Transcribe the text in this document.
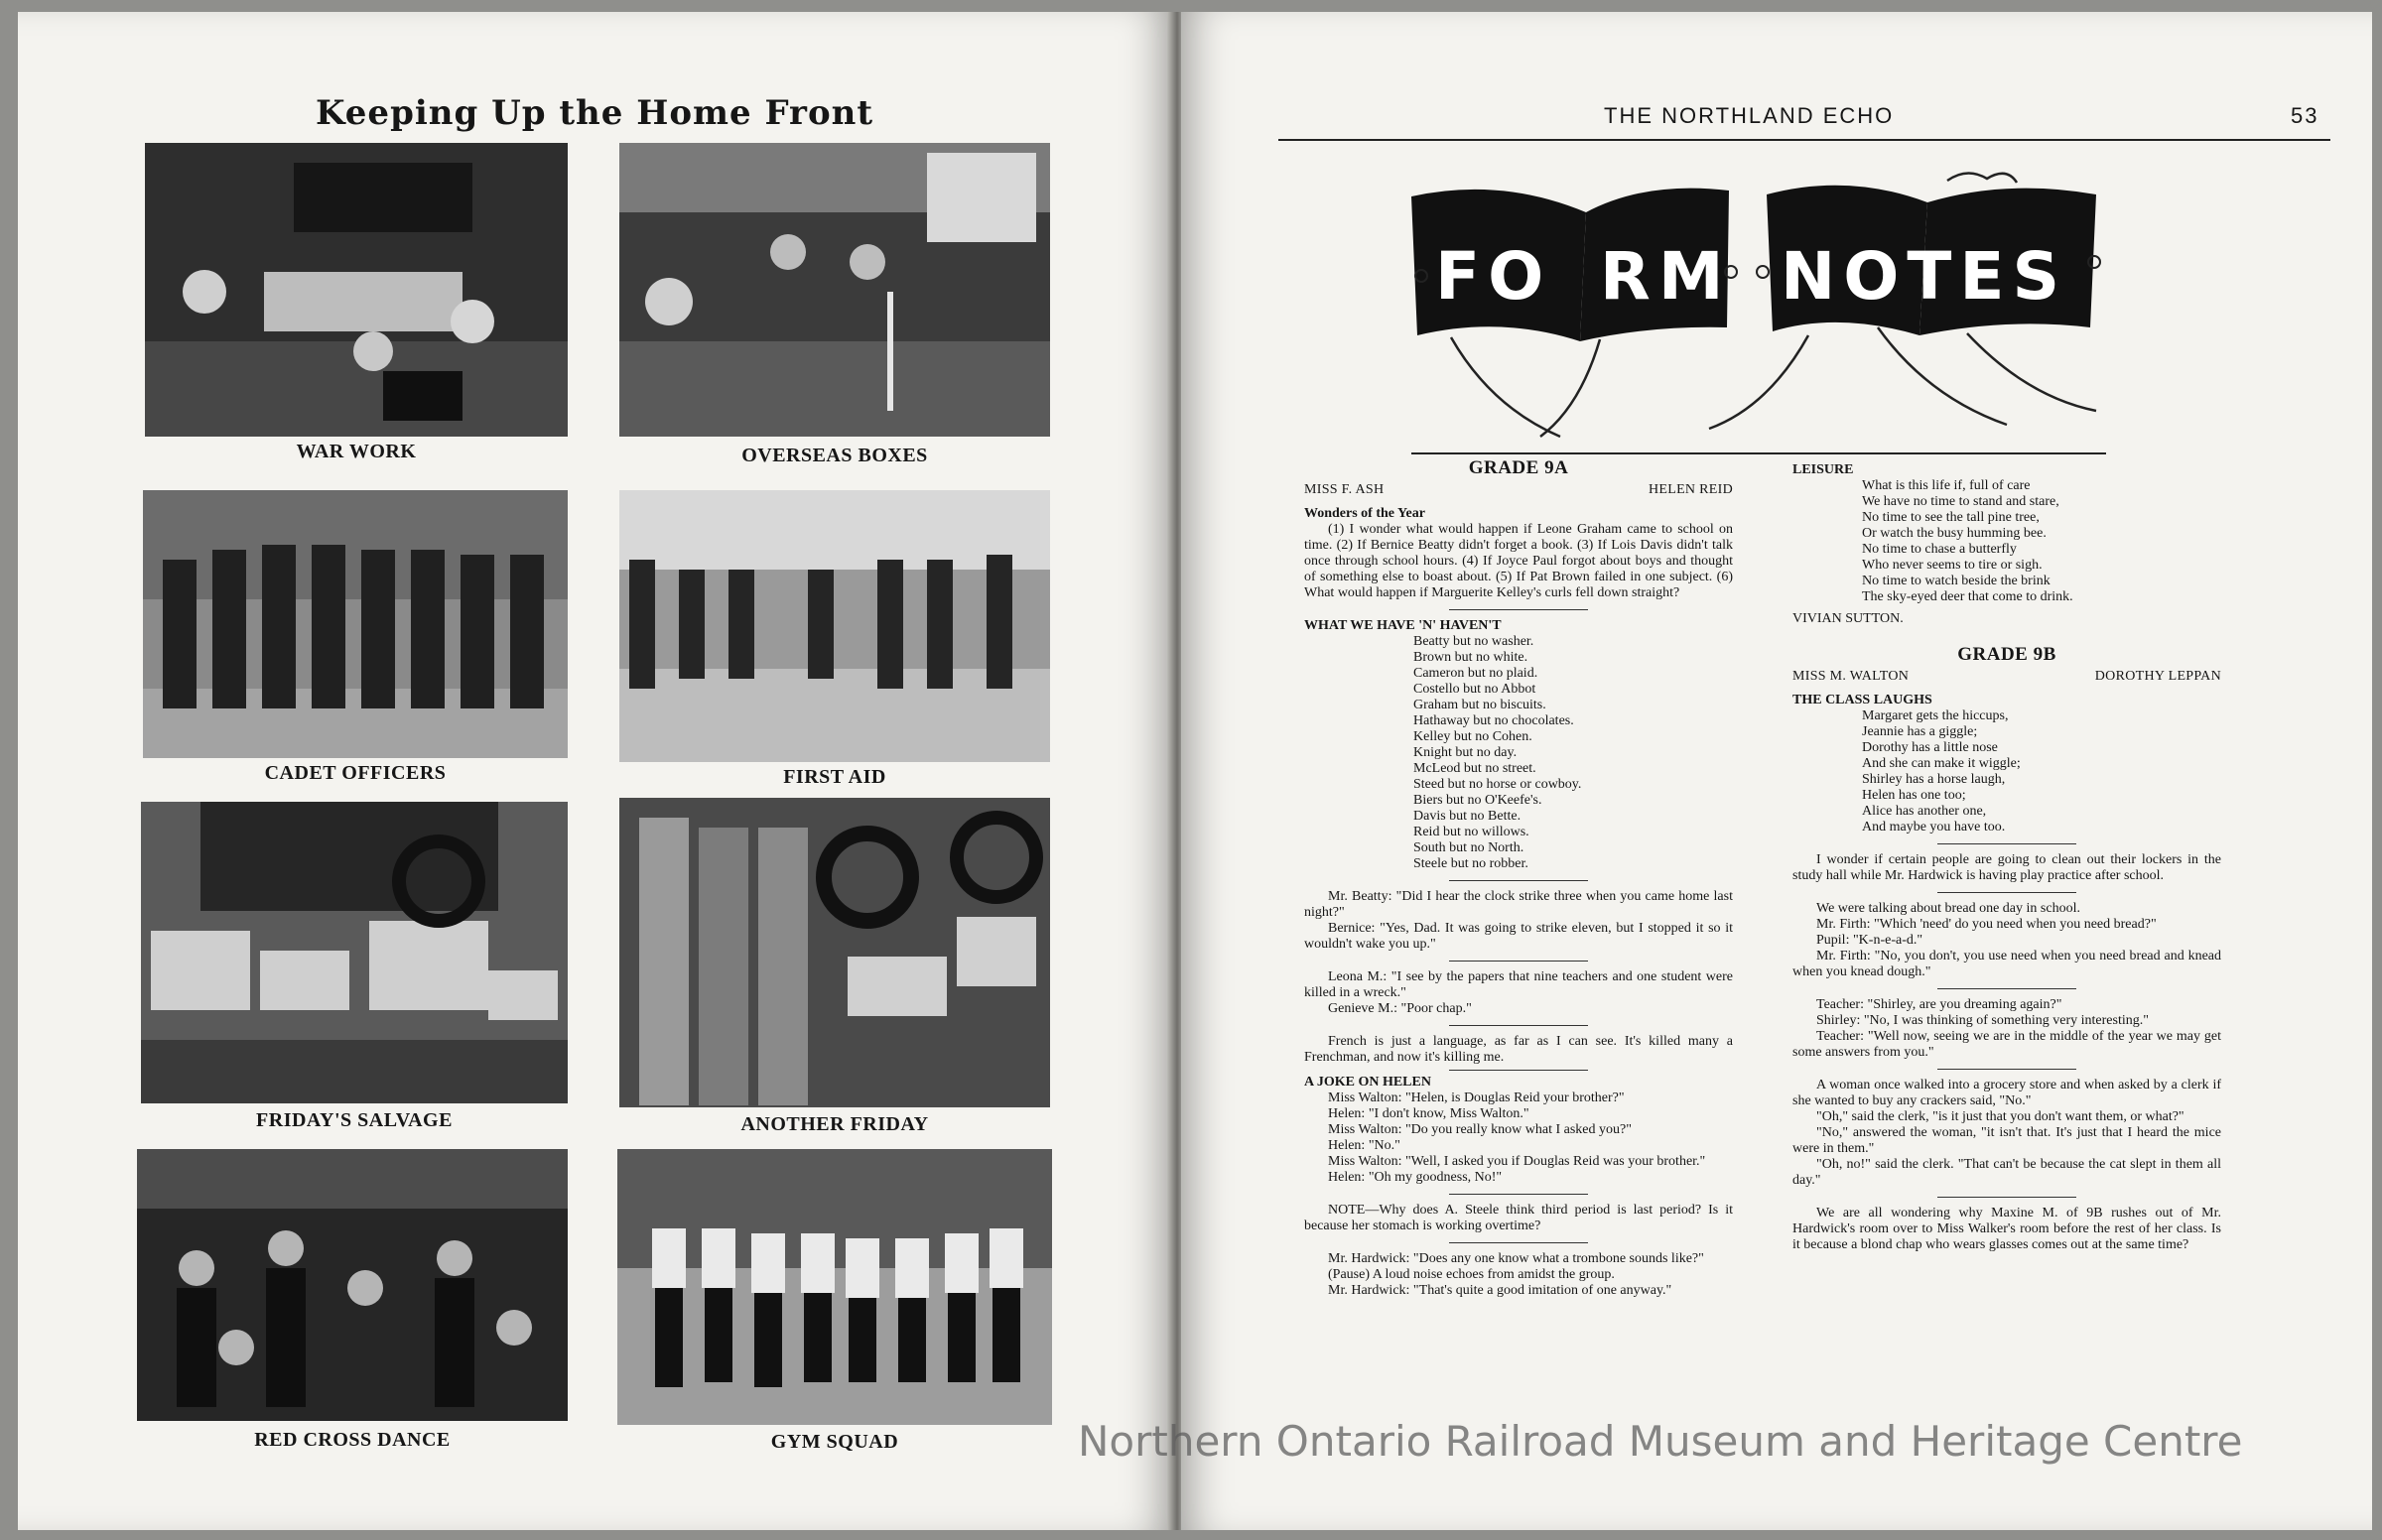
Keeping Up the Home Front
WAR WORK	OVERSEAS BOXES
CADET OFFICERS	FIRST AID
FRIDAY'S SALVAGE	ANOTHER FRIDAY
RED CROSS DANCE	GYM SQUAD
THE NORTHLAND ECHO	53
FO RM NOTES
GRADE 9A
MISS F. ASH	HELEN REID

Wonders of the Year

(1) I wonder what would happen if Leone Graham came to school on time. (2) If Bernice Beatty didn't forget a book. (3) If Lois Davis didn't talk once through school hours. (4) If Joyce Paul forgot about boys and thought of something else to boast about. (5) If Pat Brown failed in one subject. (6) What would happen if Marguerite Kelley's curls fell down straight?

WHAT WE HAVE 'N' HAVEN'T

Beatty but no washer.

Brown but no white.

Cameron but no plaid.

Costello but no Abbot

Graham but no biscuits.

Hathaway but no chocolates.

Kelley but no Cohen.

Knight but no day.

McLeod but no street.

Steed but no horse or cowboy.

Biers but no O'Keefe's.

Davis but no Bette.

Reid but no willows.

South but no North.

Steele but no robber.

Mr. Beatty: "Did I hear the clock strike three when you came home last night?"

Bernice: "Yes, Dad. It was going to strike eleven, but I stopped it so it wouldn't wake you up."

Leona M.: "I see by the papers that nine teachers and one student were killed in a wreck."

Genieve M.: "Poor chap."

French is just a language, as far as I can see. It's killed many a Frenchman, and now it's killing me.

A JOKE ON HELEN

Miss Walton: "Helen, is Douglas Reid your brother?"

Helen: "I don't know, Miss Walton."

Miss Walton: "Do you really know what I asked you?"

Helen: "No."

Miss Walton: "Well, I asked you if Douglas Reid was your brother."

Helen: "Oh my goodness, No!"

NOTE—Why does A. Steele think third period is last period? Is it because her stomach is working overtime?

Mr. Hardwick: "Does any one know what a trombone sounds like?"

(Pause) A loud noise echoes from amidst the group.

Mr. Hardwick: "That's quite a good imitation of one anyway."

LEISURE

What is this life if, full of care

We have no time to stand and stare,

No time to see the tall pine tree,

Or watch the busy humming bee.

No time to chase a butterfly

Who never seems to tire or sigh.

No time to watch beside the brink

The sky-eyed deer that come to drink.

VIVIAN SUTTON.

GRADE 9B
MISS M. WALTON	DOROTHY LEPPAN

THE CLASS LAUGHS

Margaret gets the hiccups,

Jeannie has a giggle;

Dorothy has a little nose

And she can make it wiggle;

Shirley has a horse laugh,

Helen has one too;

Alice has another one,

And maybe you have too.

I wonder if certain people are going to clean out their lockers in the study hall while Mr. Hardwick is having play practice after school.

We were talking about bread one day in school.

Mr. Firth: "Which 'need' do you need when you need bread?"

Pupil: "K-n-e-a-d."

Mr. Firth: "No, you don't, you use need when you need bread and knead when you knead dough."

Teacher: "Shirley, are you dreaming again?"

Shirley: "No, I was thinking of something very interesting."

Teacher: "Well now, seeing we are in the middle of the year we may get some answers from you."

A woman once walked into a grocery store and when asked by a clerk if she wanted to buy any crackers said, "No."

"Oh," said the clerk, "is it just that you don't want them, or what?"

"No," answered the woman, "it isn't that. It's just that I heard the mice were in them."

"Oh, no!" said the clerk. "That can't be because the cat slept in them all day."

We are all wondering why Maxine M. of 9B rushes out of Mr. Hardwick's room over to Miss Walker's room before the rest of her class. Is it because a blond chap who wears glasses comes out at the same time?

Northern Ontario Railroad Museum and Heritage Centre
